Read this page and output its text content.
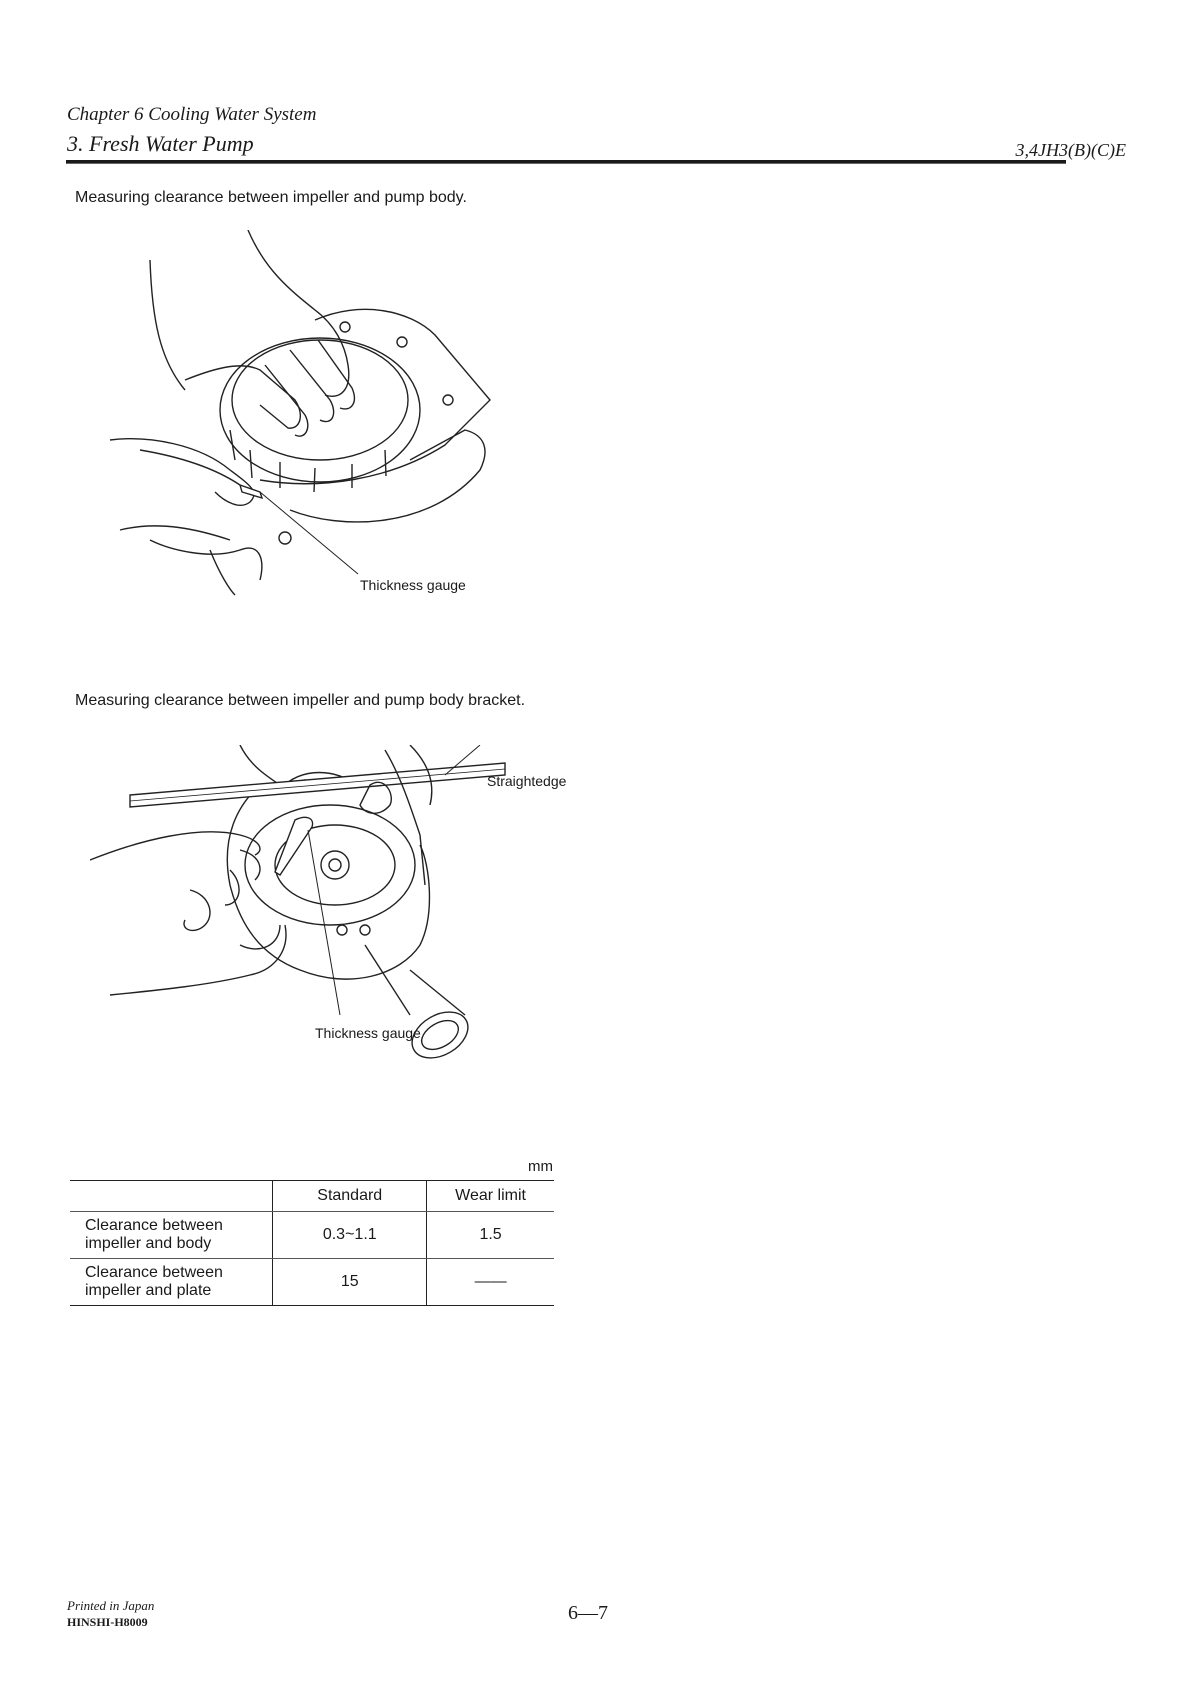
Chapter 6 Cooling Water System
3. Fresh Water Pump	3,4JH3(B)(C)E
Measuring clearance between impeller and pump body.
Thickness gauge
Measuring clearance between impeller and pump body bracket.
Straightedge
Thickness gauge
mm
	Standard	Wear limit
Clearance between impeller and body	0.3~1.1	1.5
Clearance between impeller and plate	15	——
Printed in Japan
HINSHI-H8009	6—7
